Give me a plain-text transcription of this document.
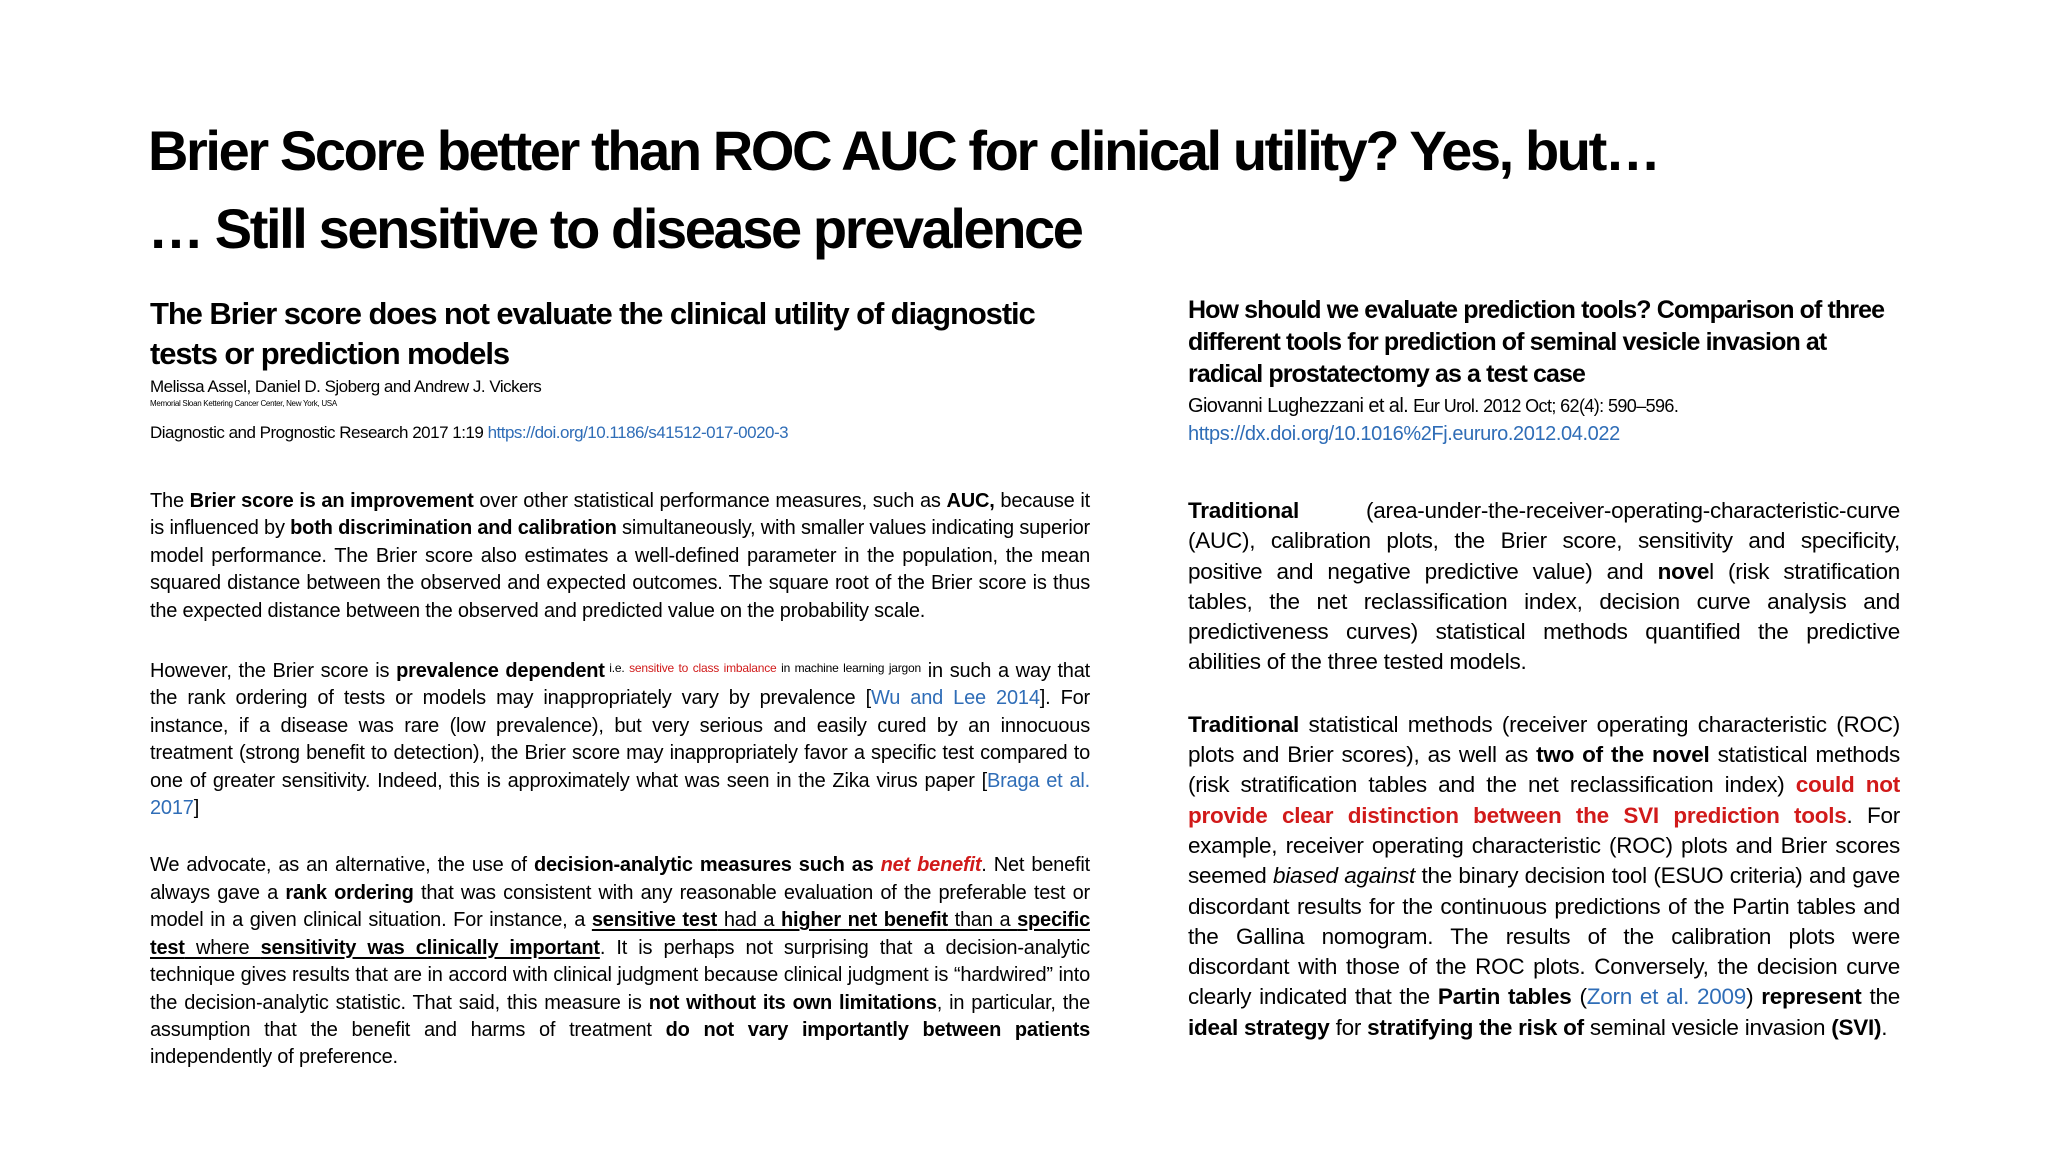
Brier Score better than ROC AUC for clinical utility? Yes, but…
… Still sensitive to disease prevalence
The Brier score does not evaluate the clinical utility of diagnostic tests or prediction models
Melissa Assel, Daniel D. Sjoberg and Andrew J. Vickers
Memorial Sloan Kettering Cancer Center, New York, USA
Diagnostic and Prognostic Research 2017 1:19 https://doi.org/10.1186/s41512-017-0020-3

The Brier score is an improvement over other statistical performance measures, such as AUC, because it is influenced by both discrimination and calibration simultaneously, with smaller values indicating superior model performance. The Brier score also estimates a well-defined parameter in the population, the mean squared distance between the observed and expected outcomes. The square root of the Brier score is thus the expected distance between the observed and predicted value on the probability scale.

However, the Brier score is prevalence dependent $^{i.e. sensitive to class imbalance in machine learning jargon}$ in such a way that the rank ordering of tests or models may inappropriately vary by prevalence [Wu and Lee 2014]. For instance, if a disease was rare (low prevalence), but very serious and easily cured by an innocuous treatment (strong benefit to detection), the Brier score may inappropriately favor a specific test compared to one of greater sensitivity. Indeed, this is approximately what was seen in the Zika virus paper [Braga et al. 2017]

We advocate, as an alternative, the use of decision-analytic measures such as net benefit. Net benefit always gave a rank ordering that was consistent with any reasonable evaluation of the preferable test or model in a given clinical situation. For instance, a sensitive test had a higher net benefit than a specific test where sensitivity was clinically important. It is perhaps not surprising that a decision-analytic technique gives results that are in accord with clinical judgment because clinical judgment is “hardwired” into the decision-analytic statistic. That said, this measure is not without its own limitations, in particular, the assumption that the benefit and harms of treatment do not vary importantly between patients independently of preference.

How should we evaluate prediction tools? Comparison of three different tools for prediction of seminal vesicle invasion at radical prostatectomy as a test case
Giovanni Lughezzani et al. Eur Urol. 2012 Oct; 62(4): 590–596.
https://dx.doi.org/10.1016%2Fj.eururo.2012.04.022

Traditional (area-under-the-receiver-operating-characteristic-curve (AUC), calibration plots, the Brier score, sensitivity and specificity, positive and negative predictive value) and novel (risk stratification tables, the net reclassification index, decision curve analysis and predictiveness curves) statistical methods quantified the predictive abilities of the three tested models.

Traditional statistical methods (receiver operating characteristic (ROC) plots and Brier scores), as well as two of the novel statistical methods (risk stratification tables and the net reclassification index) could not provide clear distinction between the SVI prediction tools. For example, receiver operating characteristic (ROC) plots and Brier scores seemed biased against the binary decision tool (ESUO criteria) and gave discordant results for the continuous predictions of the Partin tables and the Gallina nomogram. The results of the calibration plots were discordant with those of the ROC plots. Conversely, the decision curve clearly indicated that the Partin tables (Zorn et al. 2009) represent the ideal strategy for stratifying the risk of seminal vesicle invasion (SVI).
